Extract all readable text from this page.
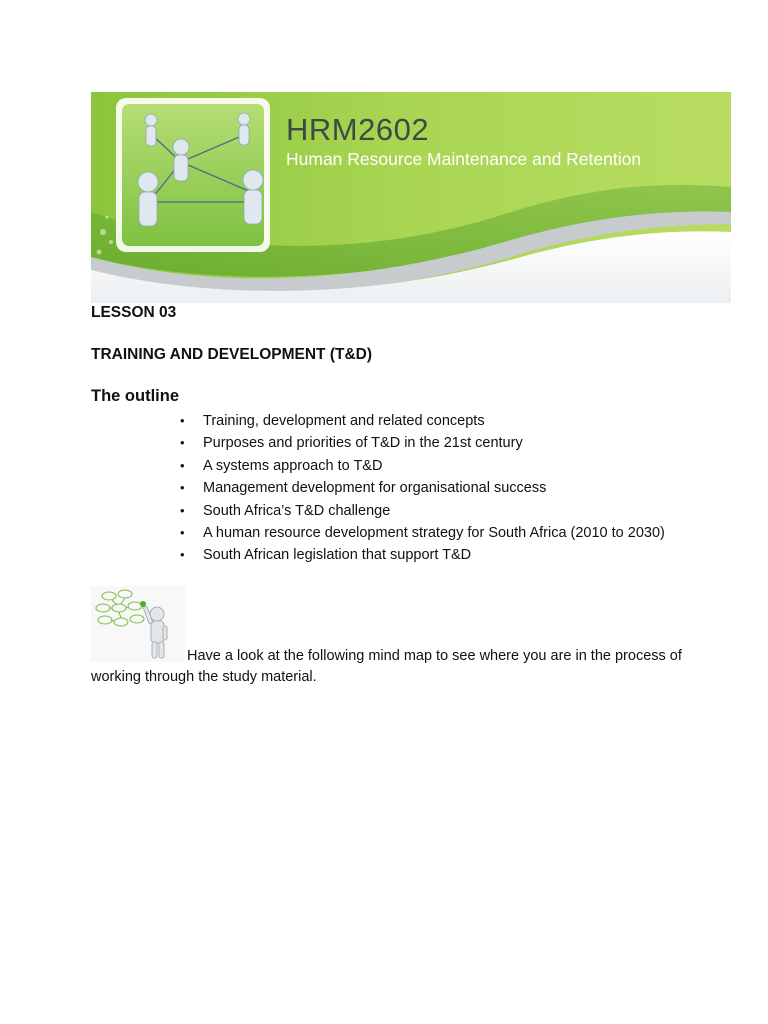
HRM2602
Human Resource Maintenance and Retention
LESSON 03
TRAINING AND DEVELOPMENT (T&D)
The outline
• Training, development and related concepts
• Purposes and priorities of T&D in the 21st century
• A systems approach to T&D
• Management development for organisational success
• South Africa’s T&D challenge
• A human resource development strategy for South Africa (2010 to 2030)
• South African legislation that support T&D
Have a look at the following mind map to see where you are in the process of working through the study material.
